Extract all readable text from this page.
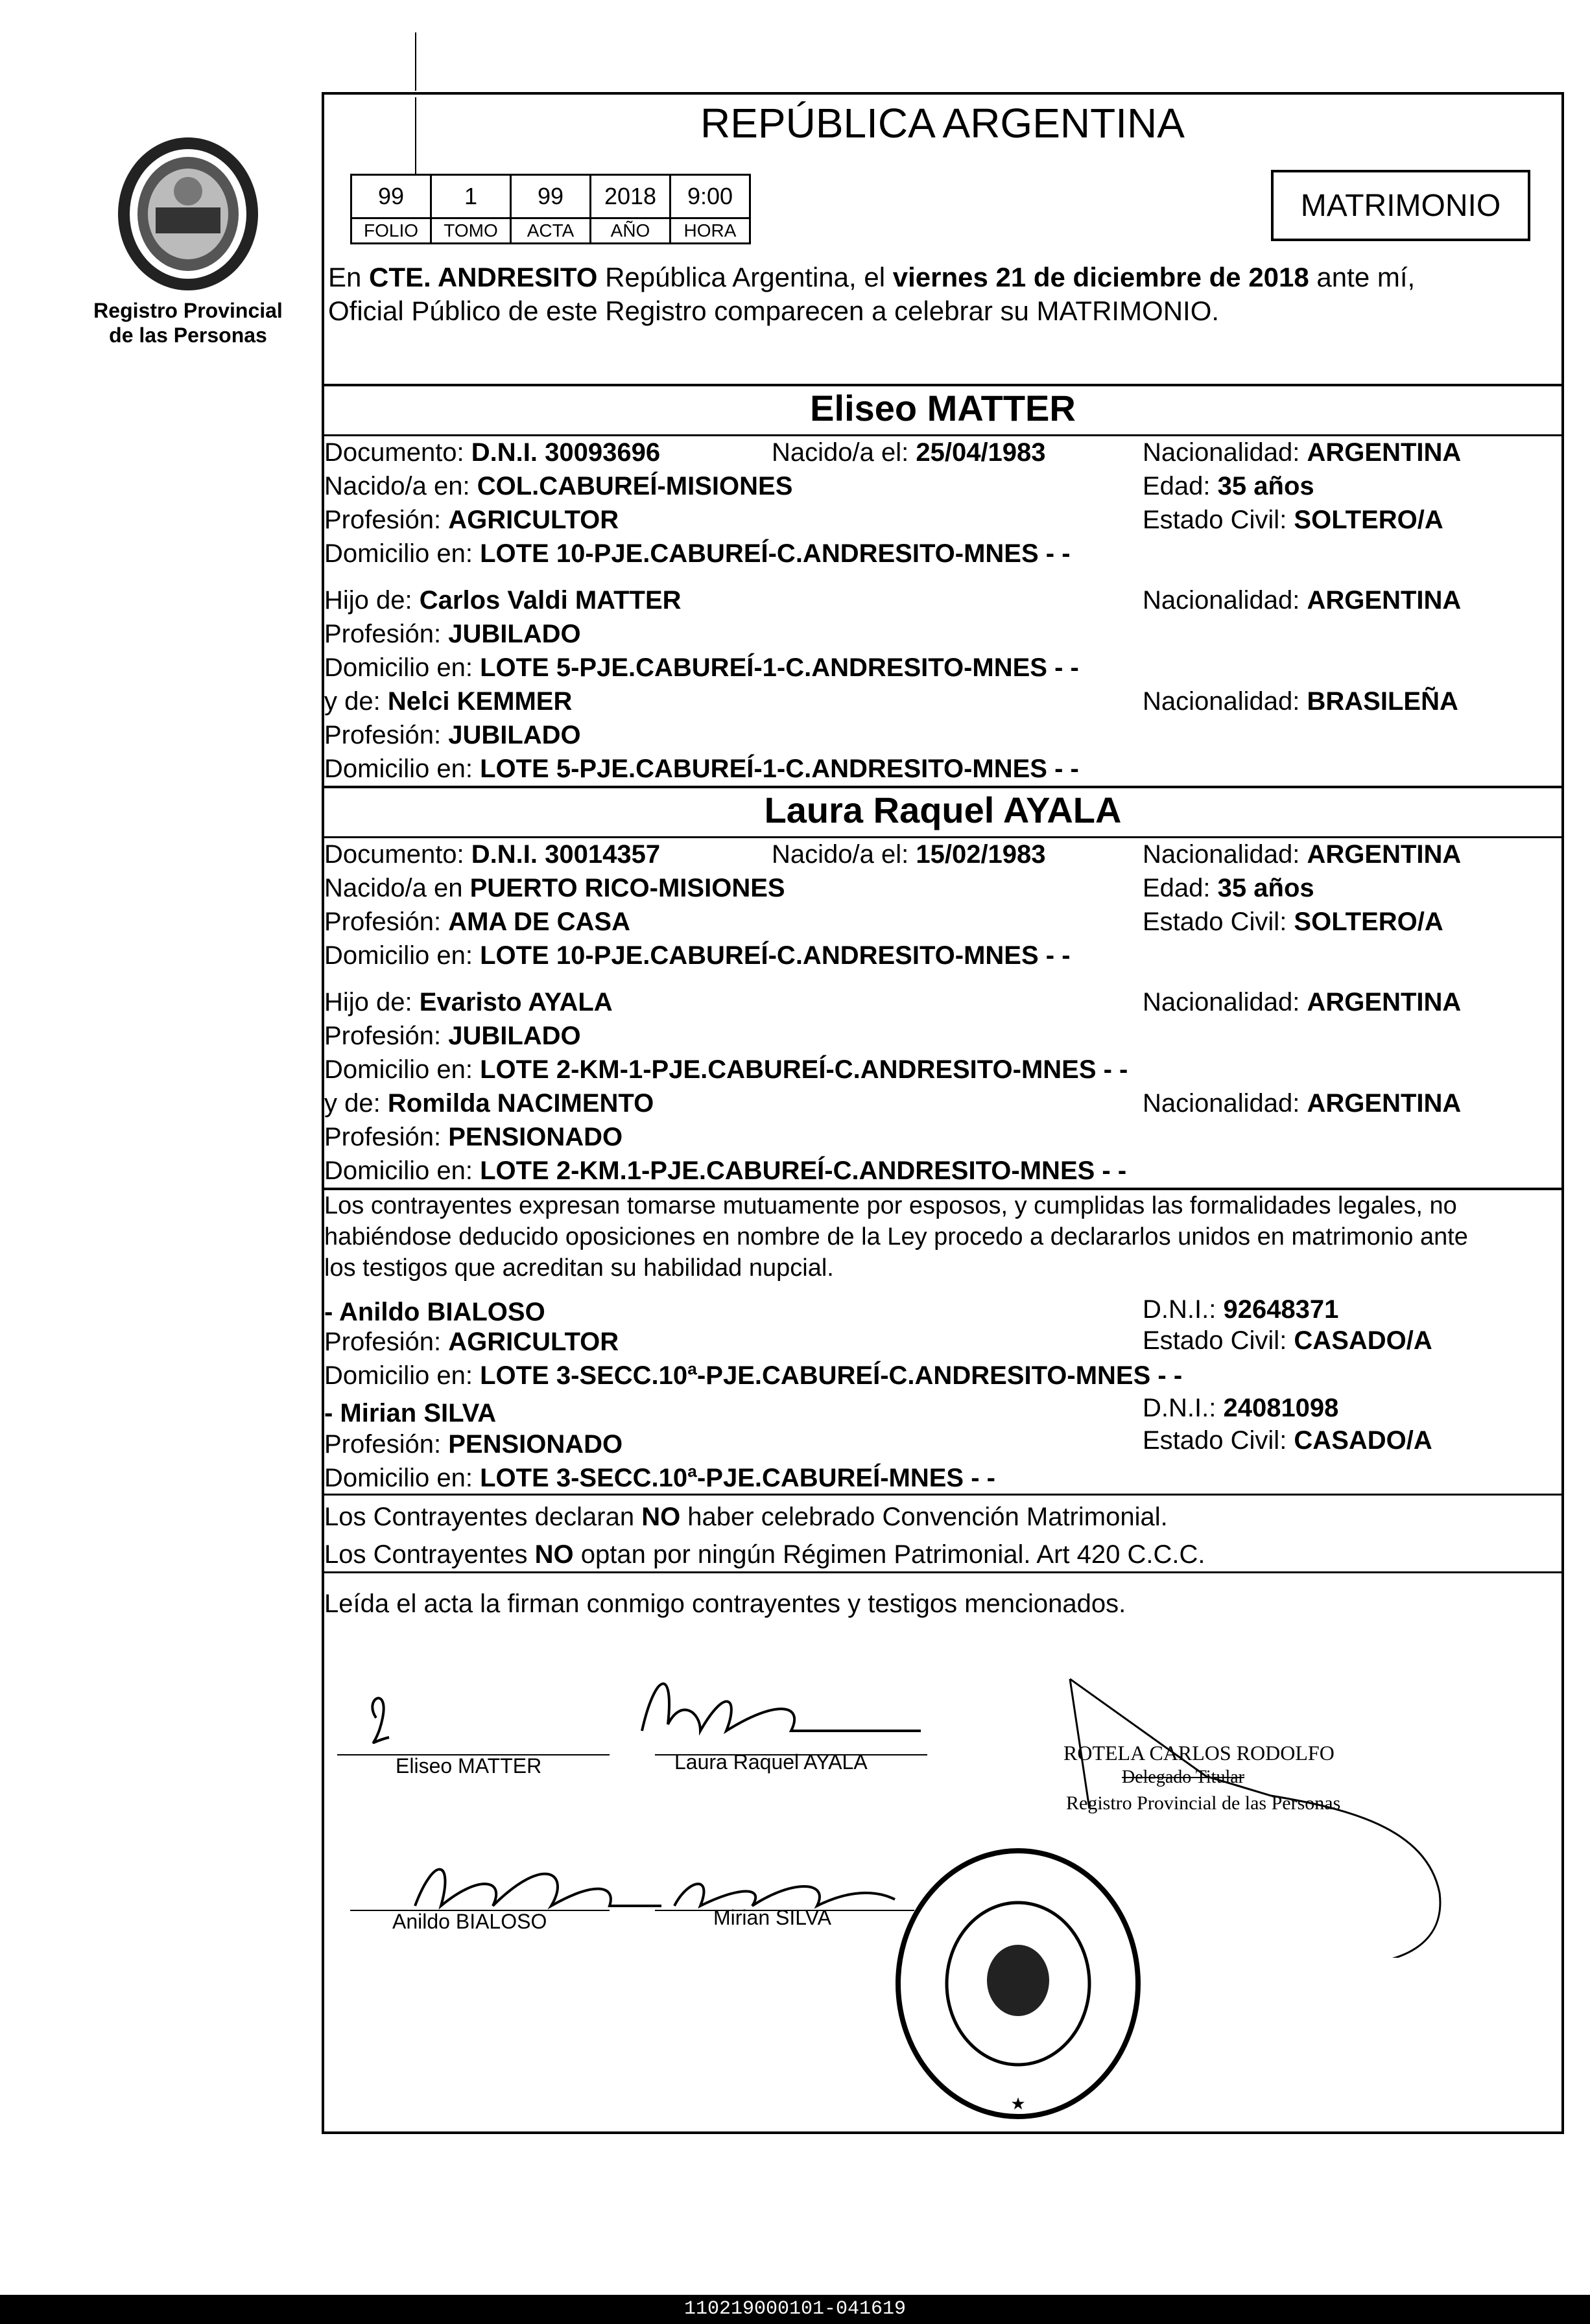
Registro Provincial
de las Personas
REPÚBLICA ARGENTINA
99	1	99	2018	9:00
FOLIO	TOMO	ACTA	AÑO	HORA
MATRIMONIO
En CTE. ANDRESITO República Argentina, el viernes 21 de diciembre de 2018 ante mí,
Oficial Público de este Registro comparecen a celebrar su MATRIMONIO.
Eliseo MATTER
Documento: D.N.I. 30093696	Nacido/a el: 25/04/1983	Nacionalidad: ARGENTINA
Nacido/a en: COL.CABUREÍ-MISIONES	Edad: 35 años
Profesión: AGRICULTOR	Estado Civil: SOLTERO/A
Domicilio en: LOTE 10-PJE.CABUREÍ-C.ANDRESITO-MNES - -
Hijo de: Carlos Valdi MATTER	Nacionalidad: ARGENTINA
Profesión: JUBILADO
Domicilio en: LOTE 5-PJE.CABUREÍ-1-C.ANDRESITO-MNES - -
y de: Nelci KEMMER	Nacionalidad: BRASILEÑA
Profesión: JUBILADO
Domicilio en: LOTE 5-PJE.CABUREÍ-1-C.ANDRESITO-MNES - -
Laura Raquel AYALA
Documento: D.N.I. 30014357	Nacido/a el: 15/02/1983	Nacionalidad: ARGENTINA
Nacido/a en PUERTO RICO-MISIONES	Edad: 35 años
Profesión: AMA DE CASA	Estado Civil: SOLTERO/A
Domicilio en: LOTE 10-PJE.CABUREÍ-C.ANDRESITO-MNES - -
Hijo de: Evaristo AYALA	Nacionalidad: ARGENTINA
Profesión: JUBILADO
Domicilio en: LOTE 2-KM-1-PJE.CABUREÍ-C.ANDRESITO-MNES - -
y de: Romilda NACIMENTO	Nacionalidad: ARGENTINA
Profesión: PENSIONADO
Domicilio en: LOTE 2-KM.1-PJE.CABUREÍ-C.ANDRESITO-MNES - -
Los contrayentes expresan tomarse mutuamente por esposos, y cumplidas las formalidades legales, no
habiéndose deducido oposiciones en nombre de la Ley procedo a declararlos unidos en matrimonio ante
los testigos que acreditan su habilidad nupcial.
- Anildo BIALOSO	D.N.I.: 92648371
Profesión: AGRICULTOR	Estado Civil: CASADO/A
Domicilio en: LOTE 3-SECC.10ª-PJE.CABUREÍ-C.ANDRESITO-MNES - -
- Mirian SILVA	D.N.I.: 24081098
Profesión: PENSIONADO	Estado Civil: CASADO/A
Domicilio en: LOTE 3-SECC.10ª-PJE.CABUREÍ-MNES - -
Los Contrayentes declaran NO haber celebrado Convención Matrimonial.
Los Contrayentes NO optan por ningún Régimen Patrimonial. Art 420 C.C.C.
Leída el acta la firman conmigo contrayentes y testigos mencionados.
Eliseo MATTER	Laura Raquel AYALA
Anildo BIALOSO	Mirian SILVA
ROTELA CARLOS RODOLFO
Delegado Titular
Registro Provincial de las Personas
★
110219000101-041619
